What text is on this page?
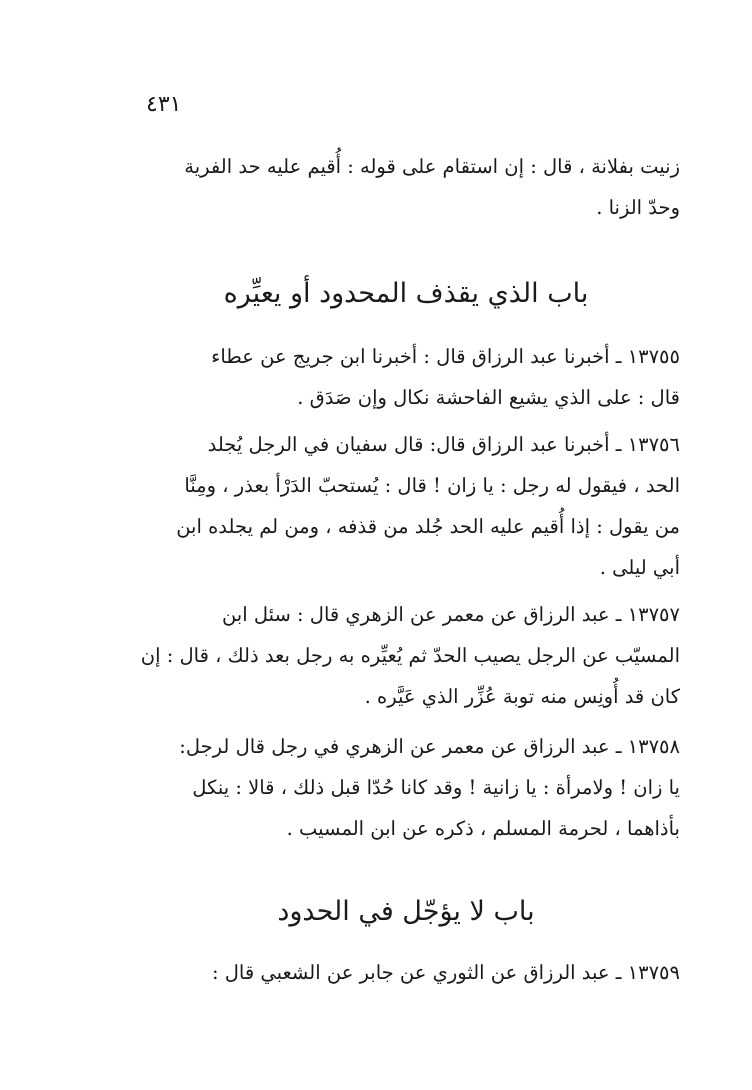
٤٣١
زنيت بفلانة ، قال : إن استقام على قوله : أُقيم عليه حد الفرية
وحدّ الزنا .
باب الذي يقذف المحدود أو يعيِّره
١٣٧٥٥ ـ أخبرنا عبد الرزاق قال : أخبرنا ابن جريج عن عطاء
قال : على الذي يشيع الفاحشة نكال وإن صَدَق .
١٣٧٥٦ ـ أخبرنا عبد الرزاق قال: قال سفيان في الرجل يُجلد
الحد ، فيقول له رجل : يا زان ! قال : يُستحبّ الدَرْأ بعذر ، ومِنَّا
من يقول : إذا أُقيم عليه الحد جُلد من قذفه ، ومن لم يجلده ابن
أبي ليلى .
١٣٧٥٧ ـ عبد الرزاق عن معمر عن الزهري قال : سئل ابن
المسيّب عن الرجل يصيب الحدّ ثم يُعيِّره به رجل بعد ذلك ، قال : إن
كان قد أُونِس منه توبة عُزِّر الذي عَيَّره .
١٣٧٥٨ ـ عبد الرزاق عن معمر عن الزهري في رجل قال لرجل:
يا زان ! ولامرأة : يا زانية ! وقد كانا حُدّا قبل ذلك ، قالا : ينكل
بأذاهما ، لحرمة المسلم ، ذكره عن ابن المسيب .
باب لا يؤجّل في الحدود
١٣٧٥٩ ـ عبد الرزاق عن الثوري عن جابر عن الشعبي قال :
